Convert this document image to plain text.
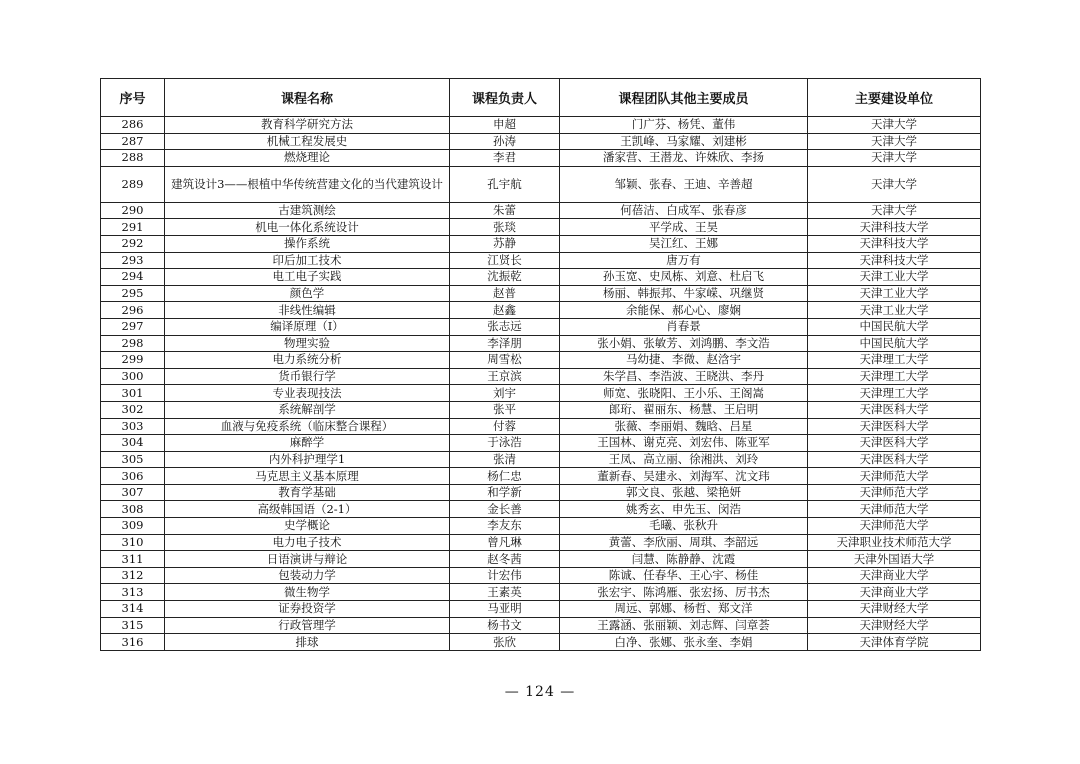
序号	课程名称	课程负责人	课程团队其他主要成员	主要建设单位
286	教育科学研究方法	申超	门广芬、杨凭、董伟	天津大学
287	机械工程发展史	孙涛	王凯峰、马家耀、刘建彬	天津大学
288	燃烧理论	李君	潘家营、王潜龙、许姝欣、李扬	天津大学
289	建筑设计3——根植中华传统营建文化的当代建筑设计	孔宇航	邹颖、张春、王迪、辛善超	天津大学
290	古建筑测绘	朱蕾	何蓓洁、白成军、张春彦	天津大学
291	机电一体化系统设计	张琰	平学成、王昊	天津科技大学
292	操作系统	苏静	吴江红、王娜	天津科技大学
293	印后加工技术	江贤长	唐万有	天津科技大学
294	电工电子实践	沈振乾	孙玉宽、史凤栋、刘意、杜启飞	天津工业大学
295	颜色学	赵普	杨丽、韩振邦、牛家嵘、巩继贤	天津工业大学
296	非线性编辑	赵鑫	余能保、郝心心、廖娴	天津工业大学
297	编译原理（I）	张志远	肖春景	中国民航大学
298	物理实验	李泽朋	张小娟、张敏芳、刘鸿鹏、李文浩	中国民航大学
299	电力系统分析	周雪松	马幼捷、李微、赵浛宇	天津理工大学
300	货币银行学	王京滨	朱学昌、李浩波、王晓洪、李丹	天津理工大学
301	专业表现技法	刘宇	师宽、张晓阳、王小乐、王阁嵩	天津理工大学
302	系统解剖学	张平	郎珩、翟丽东、杨慧、王启明	天津医科大学
303	血液与免疫系统（临床整合课程）	付蓉	张薇、李丽娟、魏晗、吕星	天津医科大学
304	麻醉学	于泳浩	王国林、谢克亮、刘宏伟、陈亚军	天津医科大学
305	内外科护理学1	张清	王凤、高立丽、徐湘洪、刘玲	天津医科大学
306	马克思主义基本原理	杨仁忠	董新春、吴建永、刘海军、沈文玮	天津师范大学
307	教育学基础	和学新	郭文良、张越、梁艳妍	天津师范大学
308	高级韩国语（2-1）	金长善	姚秀玄、申先玉、闵浩	天津师范大学
309	史学概论	李友东	毛曦、张秋升	天津师范大学
310	电力电子技术	曾凡琳	黄蕾、李欣丽、周琪、李韶远	天津职业技术师范大学
311	日语演讲与辩论	赵冬茜	闫慧、陈静静、沈霞	天津外国语大学
312	包装动力学	计宏伟	陈诚、任春华、王心宇、杨佳	天津商业大学
313	微生物学	王素英	张宏宇、陈鸿雁、张宏扬、厉书杰	天津商业大学
314	证券投资学	马亚明	周远、郭娜、杨哲、郑文洋	天津财经大学
315	行政管理学	杨书文	王露涵、张丽颖、刘志辉、闫章荟	天津财经大学
316	排球	张欣	白净、张娜、张永奎、李娟	天津体育学院
— 124 —
